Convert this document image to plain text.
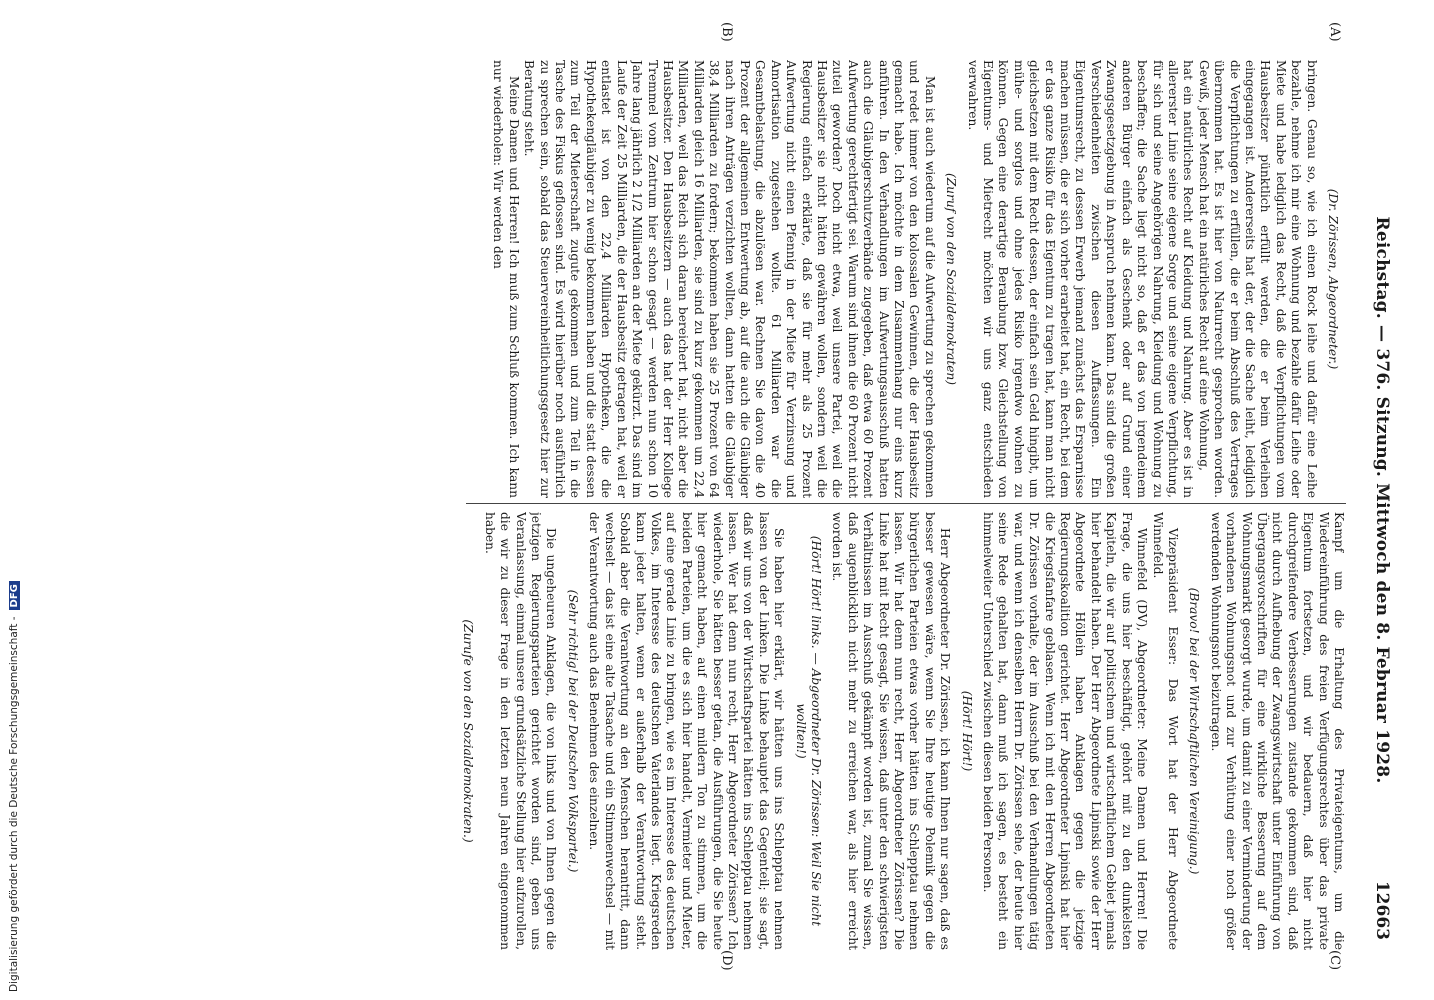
Reichstag. — 376. Sitzung. Mittwoch den 8. Februar 1928.
12663
(A)
(B)
(C)
(D)

(Dr. Zörissen, Abgeordneter.)

bringen. Genau so, wie ich einen Rock leihe und dafür eine Leihe bezahle, nehme ich mir eine Wohnung und bezahle dafür Leihe oder Miete und habe lediglich das Recht, daß die Verpflichtungen vom Hausbesitzer pünktlich erfüllt werden, die er beim Verleihen eingegangen ist. Andererseits hat der, der die Sache leiht, lediglich die Verpflichtungen zu erfüllen, die er beim Abschluß des Vertrages übernommen hat. Es ist hier von Naturrecht gesprochen worden. Gewiß, jeder Mensch hat ein natürliches Recht auf eine Wohnung,

hat ein natürliches Recht auf Kleidung und Nahrung. Aber es ist in allererster Linie seine eigene Sorge und seine eigene Verpflichtung, für sich und seine Angehörigen Nahrung, Kleidung und Wohnung zu beschaffen; die Sache liegt nicht so, daß er das von irgendeinem anderen Bürger einfach als Geschenk oder auf Grund einer Zwangsgesetzgebung in Anspruch nehmen kann. Das sind die großen Verschiedenheiten zwischen diesen Auffassungen. Ein Eigentumsrecht, zu dessen Erwerb jemand zunächst das Ersparnisse machen müssen, die er sich vorher erarbeitet hat, ein Recht, bei dem er das ganze Risiko für das Eigentum zu tragen hat, kann man nicht gleichsetzen mit dem Recht dessen, der einfach sein Geld hingibt, um mühe- und sorglos und ohne jedes Risiko irgendwo wohnen zu können. Gegen eine derartige Beraubung bzw. Gleichstellung von Eigentums- und Mietrecht möchten wir uns ganz entschieden verwahren.

(Zuruf von den Sozialdemokraten)

Man ist auch wiederum auf die Aufwertung zu sprechen gekommen und redet immer von den kolossalen Gewinnen, die der Hausbesitz gemacht habe. Ich möchte in dem Zusammenhang nur eins kurz anführen. In den Verhandlungen im Aufwertungsausschuß hatten auch die Gläubigerschutzverbände zugegeben, daß etwa 60 Prozent Aufwertung gerechtfertigt sei. Warum sind ihnen die 60 Prozent nicht zuteil geworden? Doch nicht etwa, weil unsere Partei, weil die Hausbesitzer sie nicht hätten gewähren wollen, sondern weil die Regierung einfach erklärte, daß sie für mehr als 25 Prozent Aufwertung nicht einen Pfennig in der Miete für Verzinsung und Amortisation zugestehen wollte. 61 Milliarden war die Gesamtbelastung, die abzulösen war. Rechnen Sie davon die 40 Prozent der allgemeinen Entwertung ab, auf die auch die Gläubiger nach ihren Anträgen verzichten wollten, dann hatten die Gläubiger 38,4 Milliarden zu fordern; bekommen haben sie 25 Prozent von 64 Milliarden gleich 16 Milliarden, sie sind zu kurz gekommen um 22,4 Milliarden, weil das Reich sich daran bereichert hat, nicht aber die Hausbesitzer. Den Hausbesitzern — auch das hat der Herr Kollege Tremmel vom Zentrum hier schon gesagt — werden nun schon 10 Jahre lang jährlich 2 1/2 Milliarden an der Miete gekürzt. Das sind im Laufe der Zeit 25 Milliarden, die der Hausbesitz getragen hat, weil er entlastet ist von den 22,4 Milliarden Hypotheken, die die Hypothekengläubiger zu wenig bekommen haben und die statt dessen zum Teil der Mieterschaft zugute gekommen und zum Teil in die Tasche des Fiskus geflossen sind. Es wird hierüber noch ausführlich zu sprechen sein, sobald das Steuervereinheitlichungsgesetz hier zur Beratung steht.

Meine Damen und Herren! Ich muß zum Schluß kommen. Ich kann nur wiederholen: Wir werden den

Kampf um die Erhaltung des Privateigentums, um die Wiedereinführung des freien Verfügungsrechtes über das private Eigentum fortsetzen, und wir bedauern, daß hier nicht durchgreifendere Verbesserungen zustande gekommen sind, daß nicht durch Aufhebung der Zwangswirtschaft unter Einführung von Übergangsvorschriften für eine wirkliche Besserung auf dem Wohnungsmarkt gesorgt wurde, um damit zu einer Verminderung der vorhandenen Wohnungsnot und zur Verhütung einer noch größer werdenden Wohnungsnot beizutragen.

(Bravo! bei der Wirtschaftlichen Vereinigung.)

Vizepräsident Esser: Das Wort hat der Herr Abgeordnete Winnefeld.

Winnefeld (DV), Abgeordneter: Meine Damen und Herren! Die Frage, die uns hier beschäftigt, gehört mit zu den dunkelsten Kapiteln, die wir auf politischem und wirtschaftlichem Gebiet jemals hier behandelt haben. Der Herr Abgeordnete Lipinski sowie der Herr Abgeordnete Höllein haben Anklagen gegen die jetzige Regierungskoalition gerichtet. Herr Abgeordneter Lipinski hat hier die Kriegsfanfare geblasen. Wenn ich mit den Herren Abgeordneten Dr. Zörissen vorhalte, der im Ausschuß bei den Verhandlungen tätig war, und wenn ich denselben Herrn Dr. Zörissen sehe, der heute hier seine Rede gehalten hat, dann muß ich sagen, es besteht ein himmelweiter Unterschied zwischen diesen beiden Personen.

(Hört! Hört!)

Herr Abgeordneter Dr. Zörissen, ich kann Ihnen nur sagen, daß es besser gewesen wäre, wenn Sie Ihre heutige Polemik gegen die bürgerlichen Parteien etwas vorher hätten ins Schlepptau nehmen lassen. Wir hat denn nun recht, Herr Abgeordneter Zörissen? Die Linke hat mit Recht gesagt, Sie wissen, daß unter den schwierigsten Verhältnissen im Ausschuß gekämpft worden ist, zumal Sie wissen, daß augenblicklich nicht mehr zu erreichen war, als hier erreicht worden ist.

(Hört! Hört! links. — Abgeordneter Dr. Zörissen: Weil Sie nicht wollten!)

Sie haben hier erklärt, wir hätten uns ins Schlepptau nehmen lassen von der Linken. Die Linke behauptet das Gegenteil; sie sagt, daß wir uns von der Wirtschaftspartei hätten ins Schlepptau nehmen lassen. Wer hat denn nun recht, Herr Abgeordneter Zörissen? Ich wiederhole, Sie hätten besser getan, die Ausführungen, die Sie heute hier gemacht haben, auf einen mildern Ton zu stimmen, um die beiden Parteien, um die es sich hier handelt, Vermieter und Mieter, auf eine gerade Linie zu bringen, wie es im Interesse des deutschen Volkes, im Interesse des deutschen Vaterlandes liegt. Kriegsreden kann jeder halten, wenn er außerhalb der Verantwortung steht. Sobald aber die Verantwortung an den Menschen herantritt, dann wechselt — das ist eine alte Tatsache und ein Stimmenwechsel — mit der Verantwortung auch das Benehmen des einzelnen.

(Sehr richtig! bei der Deutschen Volkspartei.)

Die ungeheuren Anklagen, die von links und von Ihnen gegen die jetzigen Regierungsparteien gerichtet worden sind, geben uns Veranlassung, einmal unsere grundsätzliche Stellung hier aufzurollen, die wir zu dieser Frage in den letzten neun Jahren eingenommen haben.

(Zurufe von den Sozialdemokraten.)

Digitalisierung gefördert durch die Deutsche Forschungsgemeinschaft -DFG
